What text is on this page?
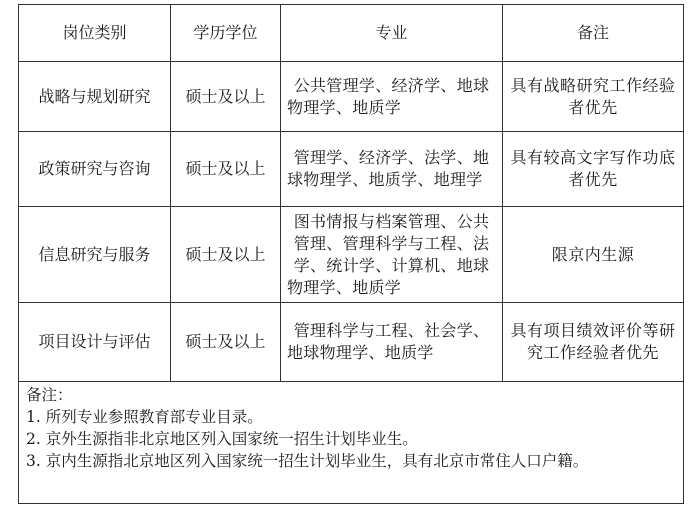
岗位类别	学历学位	专业	备注
战略与规划研究	硕士及以上	公共管理学、经济学、地球物理学、地质学	具有战略研究工作经验者优先
政策研究与咨询	硕士及以上	管理学、经济学、法学、地球物理学、地质学、地理学	具有较高文字写作功底者优先
信息研究与服务	硕士及以上	图书情报与档案管理、公共管理、管理科学与工程、法学、统计学、计算机、地球物理学、地质学	限京内生源
项目设计与评估	硕士及以上	管理科学与工程、社会学、地球物理学、地质学	具有项目绩效评价等研究工作经验者优先
备注：
1. 所列专业参照教育部专业目录。
2. 京外生源指非北京地区列入国家统一招生计划毕业生。
3. 京内生源指北京地区列入国家统一招生计划毕业生，具有北京市常住人口户籍。
